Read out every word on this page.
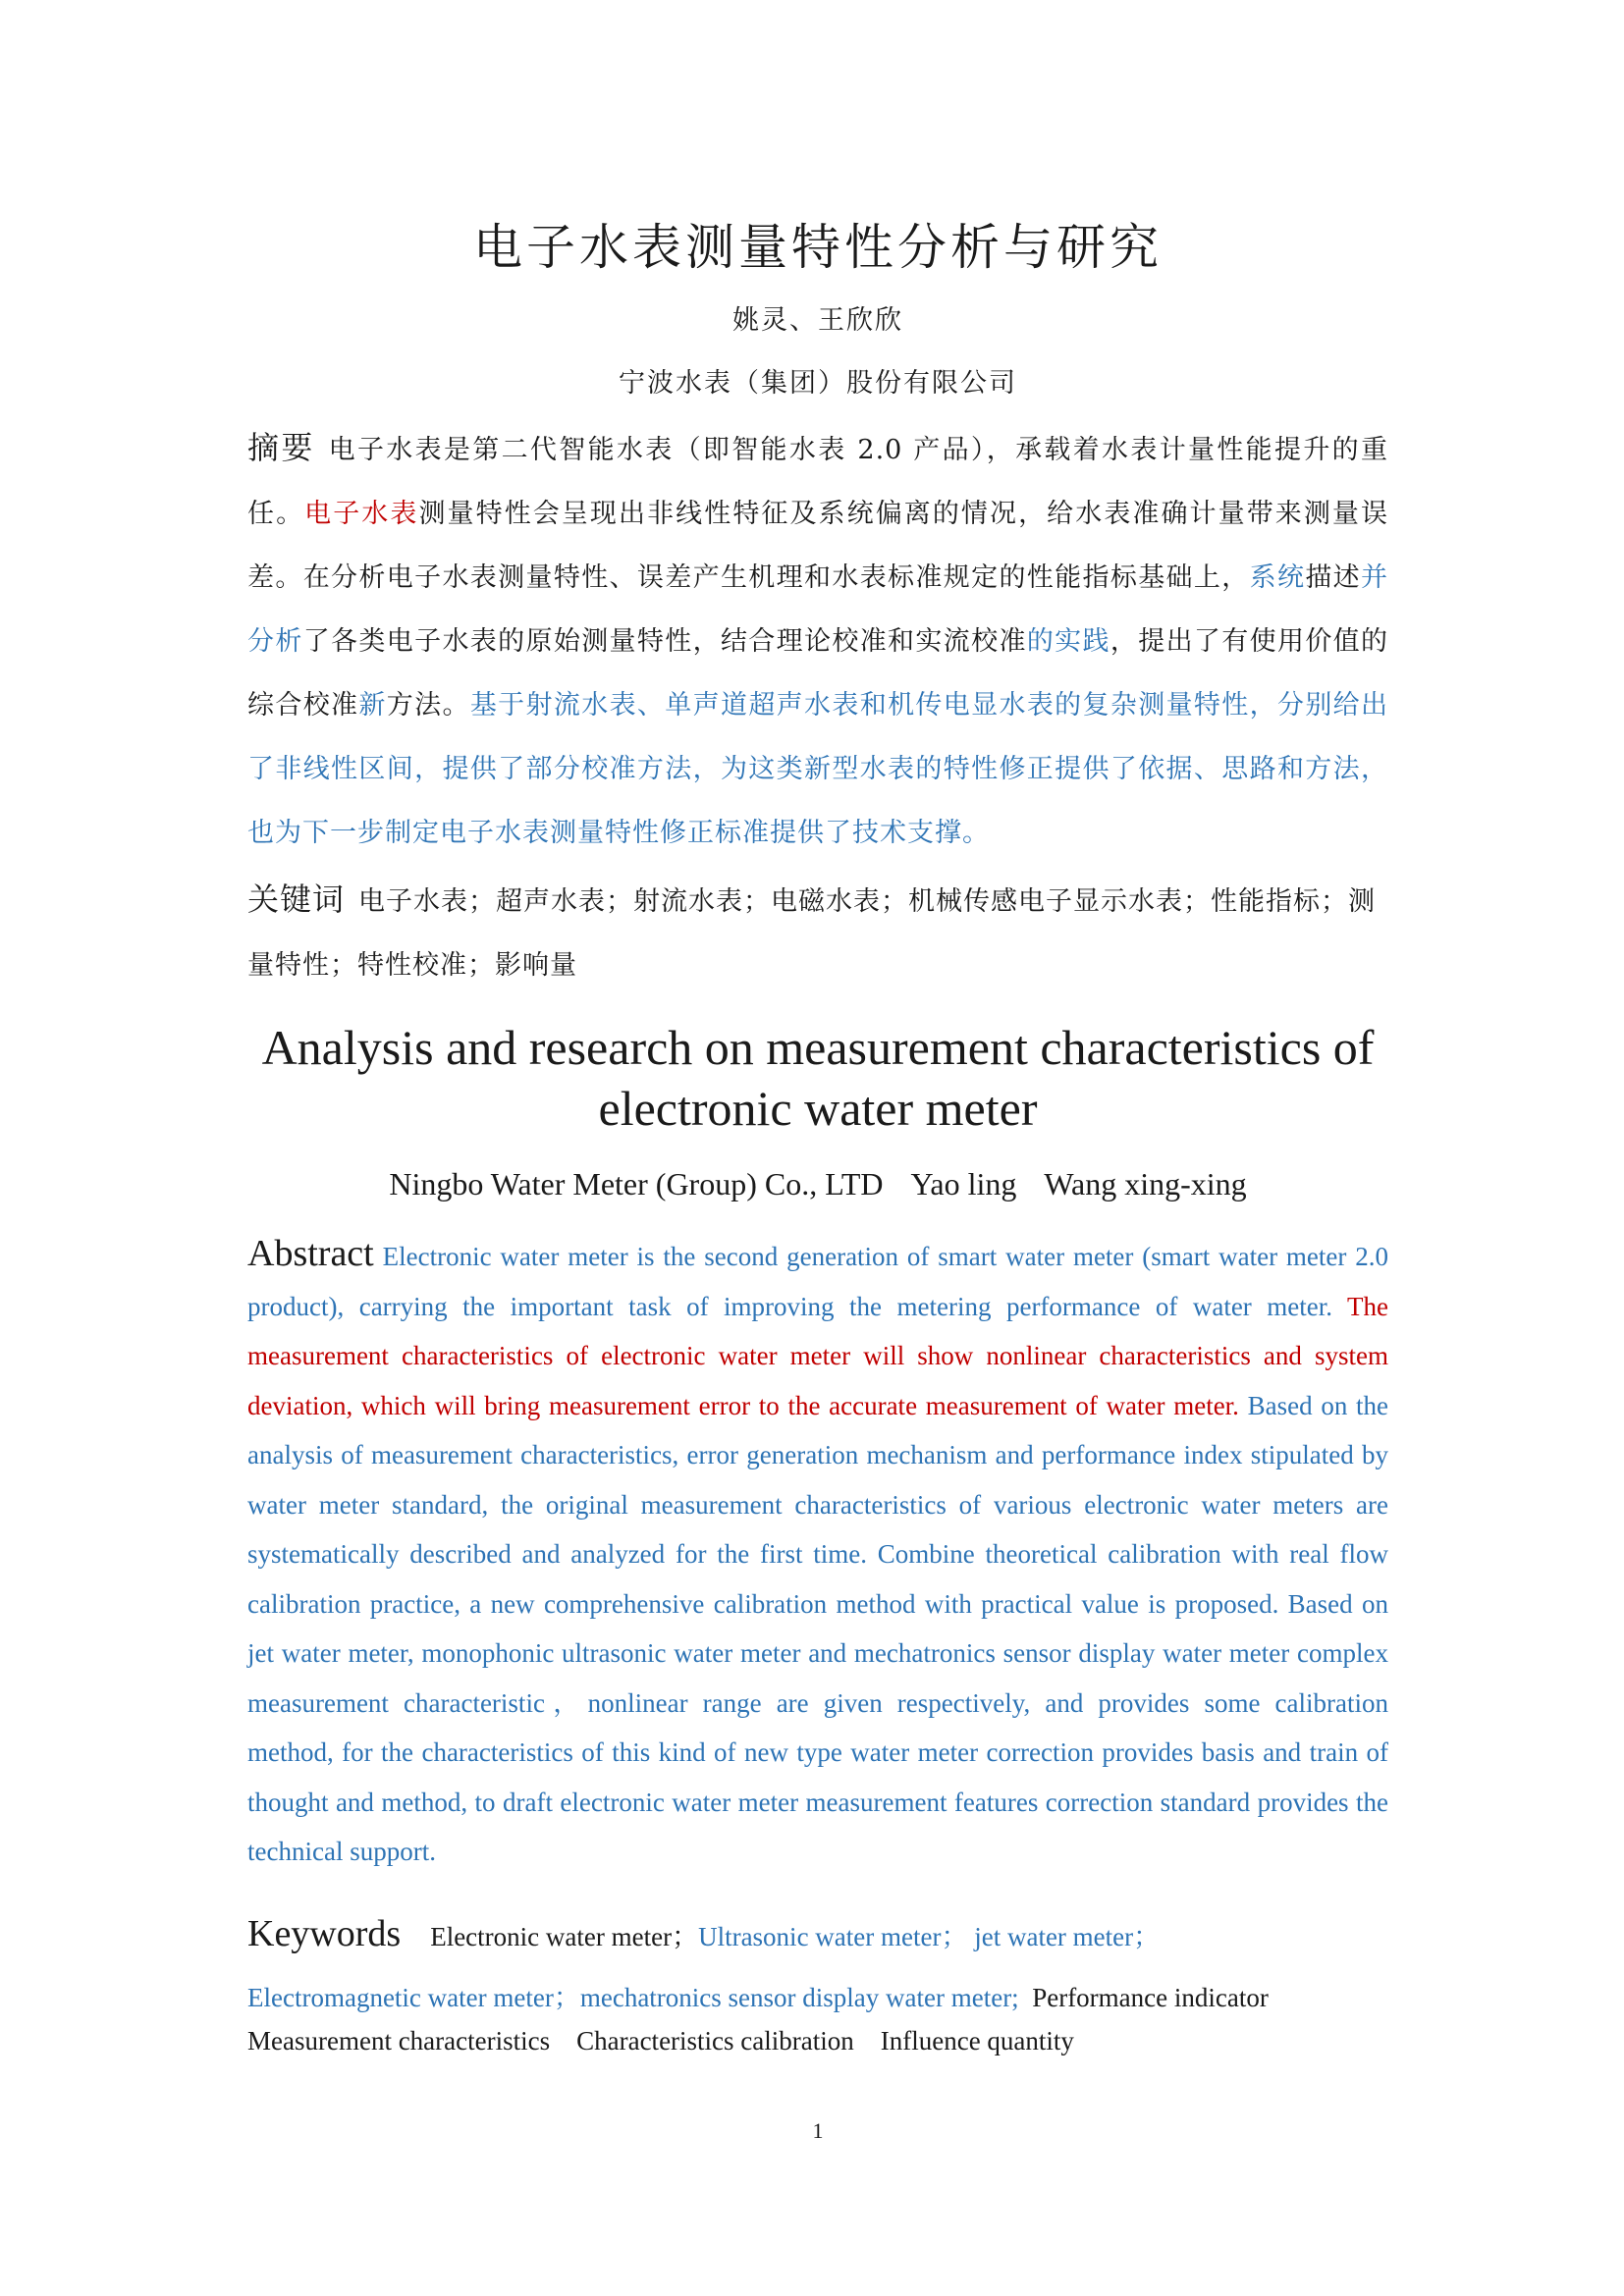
电子水表测量特性分析与研究
姚灵、王欣欣
宁波水表（集团）股份有限公司
摘要 电子水表是第二代智能水表（即智能水表 2.0 产品），承载着水表计量性能提升的重任。电子水表测量特性会呈现出非线性特征及系统偏离的情况，给水表准确计量带来测量误差。在分析电子水表测量特性、误差产生机理和水表标准规定的性能指标基础上，系统描述并分析了各类电子水表的原始测量特性，结合理论校准和实流校准的实践，提出了有使用价值的综合校准新方法。基于射流水表、单声道超声水表和机传电显水表的复杂测量特性，分别给出了非线性区间，提供了部分校准方法，为这类新型水表的特性修正提供了依据、思路和方法，也为下一步制定电子水表测量特性修正标准提供了技术支撑。
关键词 电子水表；超声水表；射流水表；电磁水表；机械传感电子显示水表；性能指标；测量特性；特性校准；影响量
Analysis and research on measurement characteristics of electronic water meter
Ningbo Water Meter (Group) Co., LTD Yao ling Wang xing-xing
Abstract Electronic water meter is the second generation of smart water meter (smart water meter 2.0 product), carrying the important task of improving the metering performance of water meter. The measurement characteristics of electronic water meter will show nonlinear characteristics and system deviation, which will bring measurement error to the accurate measurement of water meter. Based on the analysis of measurement characteristics, error generation mechanism and performance index stipulated by water meter standard, the original measurement characteristics of various electronic water meters are systematically described and analyzed for the first time. Combine theoretical calibration with real flow calibration practice, a new comprehensive calibration method with practical value is proposed. Based on jet water meter, monophonic ultrasonic water meter and mechatronics sensor display water meter complex measurement characteristic，nonlinear range are given respectively, and provides some calibration method, for the characteristics of this kind of new type water meter correction provides basis and train of thought and method, to draft electronic water meter measurement features correction standard provides the technical support.
Keywords Electronic water meter；Ultrasonic water meter； jet water meter；
Electromagnetic water meter；mechatronics sensor display water meter;  Performance indicator
Measurement characteristics    Characteristics calibration    Influence quantity
1
